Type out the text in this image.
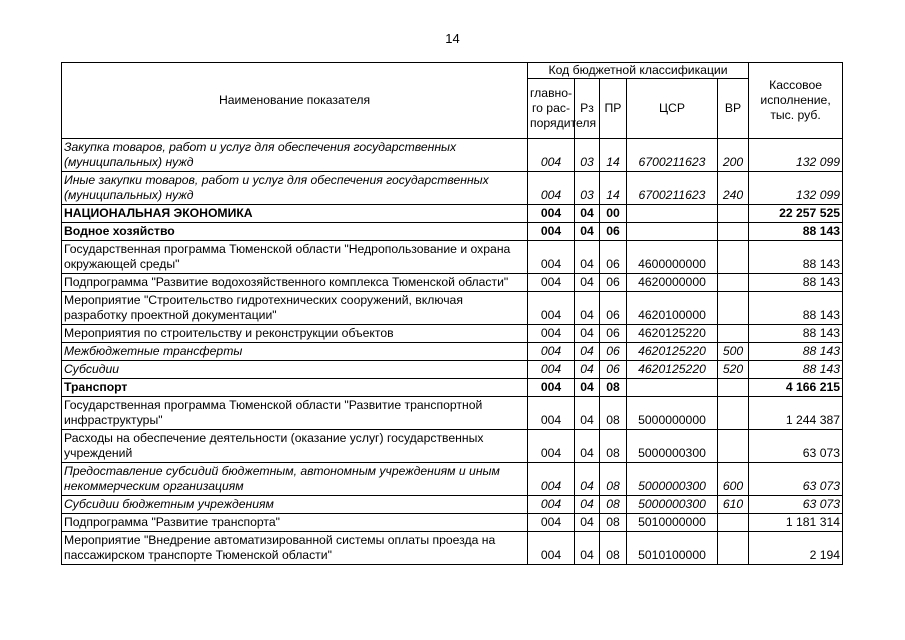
14
Наименование показателя	Код бюджетной классификации					Кассовое исполнение, тыс. руб.
	главно-го рас-порядителя	Рз	ПР	ЦСР	ВР	
Закупка товаров, работ и услуг для обеспечения государственных (муниципальных) нужд	004	03	14	6700211623	200	132 099
Иные закупки товаров, работ и услуг для обеспечения государственных (муниципальных) нужд	004	03	14	6700211623	240	132 099
НАЦИОНАЛЬНАЯ ЭКОНОМИКА	004	04	00			22 257 525
Водное хозяйство	004	04	06			88 143
Государственная программа Тюменской области "Недропользование и охрана окружающей среды"	004	04	06	4600000000		88 143
Подпрограмма "Развитие водохозяйственного комплекса Тюменской области"	004	04	06	4620000000		88 143
Мероприятие "Строительство гидротехнических сооружений, включая разработку проектной документации"	004	04	06	4620100000		88 143
Мероприятия по строительству и реконструкции объектов	004	04	06	4620125220		88 143
Межбюджетные трансферты	004	04	06	4620125220	500	88 143
Субсидии	004	04	06	4620125220	520	88 143
Транспорт	004	04	08			4 166 215
Государственная программа Тюменской области "Развитие транспортной инфраструктуры"	004	04	08	5000000000		1 244 387
Расходы на обеспечение деятельности (оказание услуг) государственных учреждений	004	04	08	5000000300		63 073
Предоставление субсидий бюджетным, автономным учреждениям и иным некоммерческим организациям	004	04	08	5000000300	600	63 073
Субсидии бюджетным учреждениям	004	04	08	5000000300	610	63 073
Подпрограмма "Развитие транспорта"	004	04	08	5010000000		1 181 314
Мероприятие "Внедрение автоматизированной системы оплаты проезда на пассажирском транспорте Тюменской области"	004	04	08	5010100000		2 194
